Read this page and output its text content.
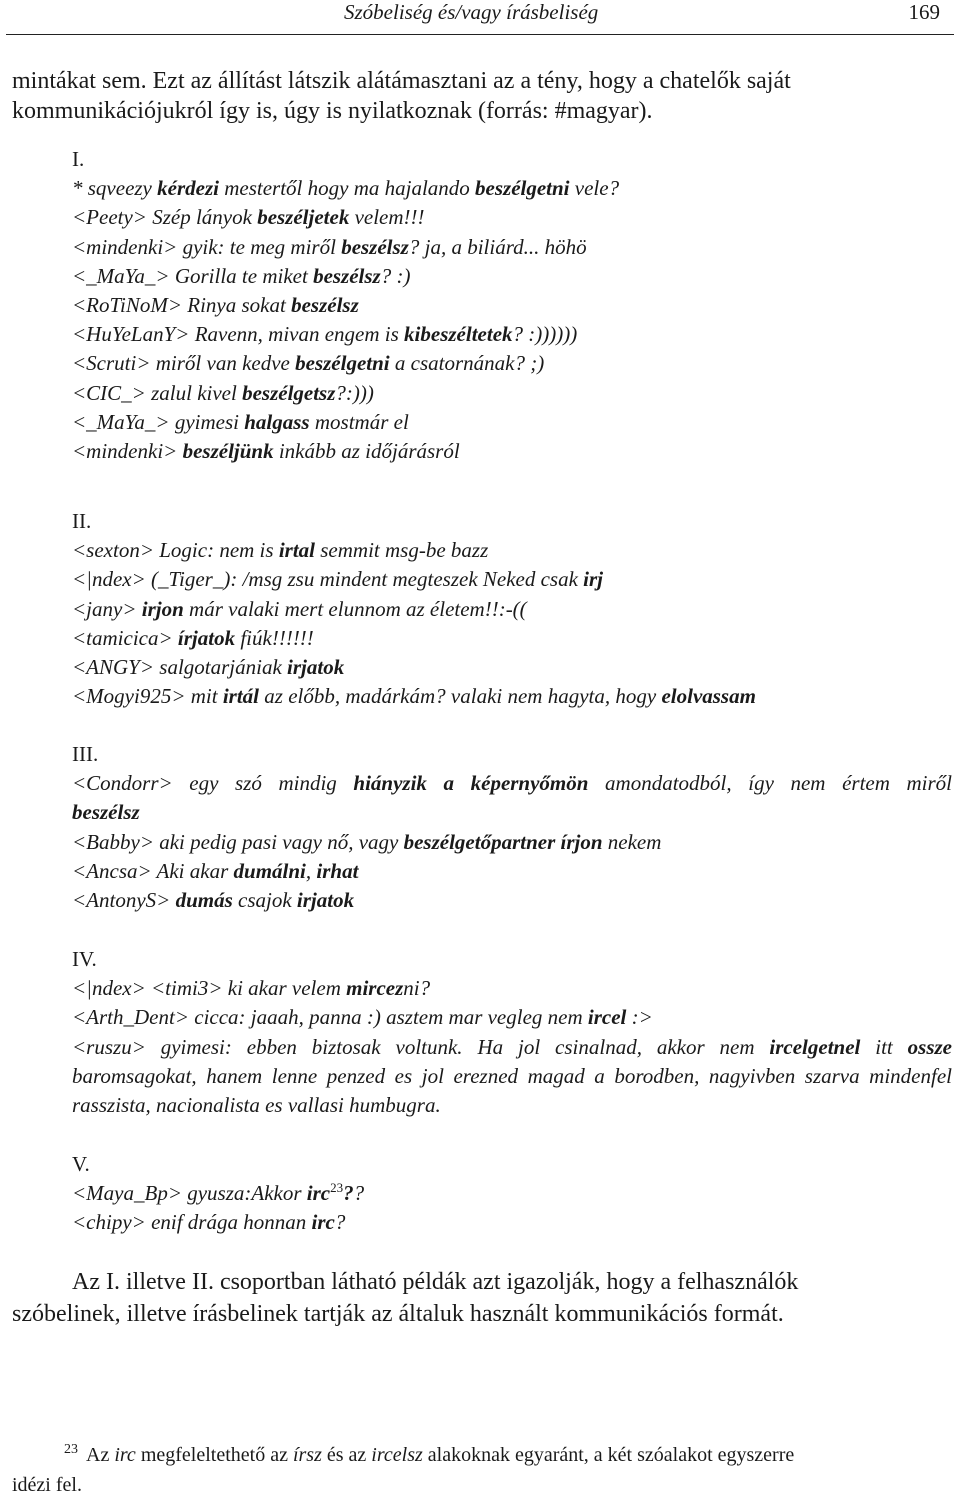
Szóbeliség és/vagy írásbeliség	169
mintákat sem. Ezt az állítást látszik alátámasztani az a tény, hogy a chatelők saját
kommunikációjukról így is, úgy is nyilatkoznak (forrás: #magyar).
I.
* sqveezy kérdezi mestertől hogy ma hajalando beszélgetni vele?
<Peety> Szép lányok beszéljetek velem!!!
<mindenki> gyik: te meg miről beszélsz? ja, a biliárd... höhö
<_MaYa_> Gorilla te miket beszélsz? :)
<RoTiNoM> Rinya sokat beszélsz
<HuYeLanY> Ravenn, mivan engem is kibeszéltetek? :))))))
<Scruti> miről van kedve beszélgetni a csatornának? ;)
<CIC_> zalul kivel beszélgetsz?:)))
<_MaYa_> gyimesi halgass mostmár el
<mindenki> beszéljünk inkább az időjárásról
II.
<sexton> Logic: nem is irtal semmit msg-be bazz
<|ndex> (_Tiger_): /msg zsu mindent megteszek Neked csak irj
<jany> irjon már valaki mert elunnom az életem!!:-((
<tamicica> írjatok fiúk!!!!!!
<ANGY> salgotarjániak irjatok
<Mogyi925> mit irtál az előbb, madárkám? valaki nem hagyta, hogy elolvassam
III.
<Condorr> egy szó mindig hiányzik a képernyőmön amondatodból, így nem értem miről
beszélsz
<Babby> aki pedig pasi vagy nő, vagy beszélgetőpartner írjon nekem
<Ancsa> Aki akar dumálni, irhat
<AntonyS> dumás csajok irjatok
IV.
<|ndex> <timi3> ki akar velem mircezni?
<Arth_Dent> cicca: jaaah, panna :) asztem mar vegleg nem ircel :>
<ruszu> gyimesi: ebben biztosak voltunk. Ha jol csinalnad, akkor nem ircelgetnel itt ossze baromsagokat, hanem lenne penzed es jol erezned magad a borodben, nagyivben szarva mindenfel rasszista, nacionalista es vallasi humbugra.
V.
<Maya_Bp> gyusza:Akkor irc$^{23}$??
<chipy> enif drága honnan irc?
Az I. illetve II. csoportban látható példák azt igazolják, hogy a felhasználók
szóbelinek, illetve írásbelinek tartják az általuk használt kommunikációs formát.
$^{23}$ Az irc megfeleltethető az írsz és az ircelsz alakoknak egyaránt, a két szóalakot egyszerre
idézi fel.
